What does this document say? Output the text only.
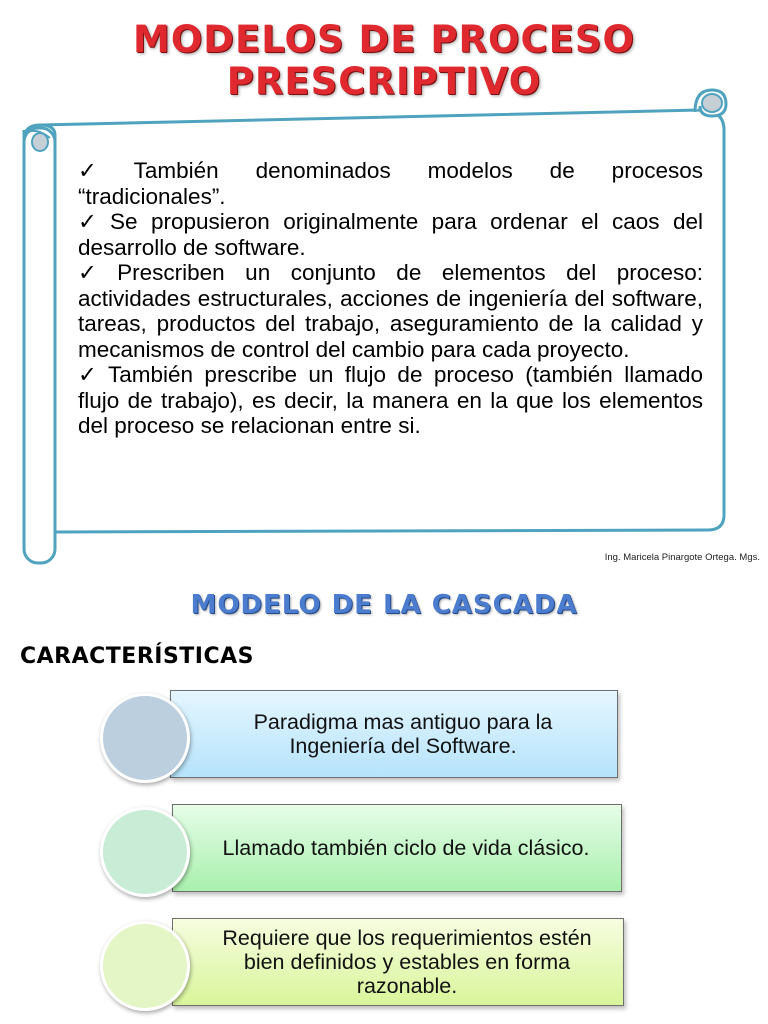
MODELOS DE PROCESO
PRESCRIPTIVO

✓ También denominados modelos de procesos “tradicionales”.

✓ Se propusieron originalmente para ordenar el caos del desarrollo de software.

✓ Prescriben un conjunto de elementos del proceso: actividades estructurales, acciones de ingeniería del software, tareas, productos del trabajo, aseguramiento de la calidad y mecanismos de control del cambio para cada proyecto.

✓ También prescribe un flujo de proceso (también llamado flujo de trabajo), es decir, la manera en la que los elementos del proceso se relacionan entre si.

Ing. Maricela Pinargote Ortega. Mgs.
MODELO DE LA CASCADA
CARACTERÍSTICAS
Paradigma mas antiguo para la Ingeniería del Software.
Llamado también ciclo de vida clásico.
Requiere que los requerimientos estén bien definidos y estables en forma razonable.
